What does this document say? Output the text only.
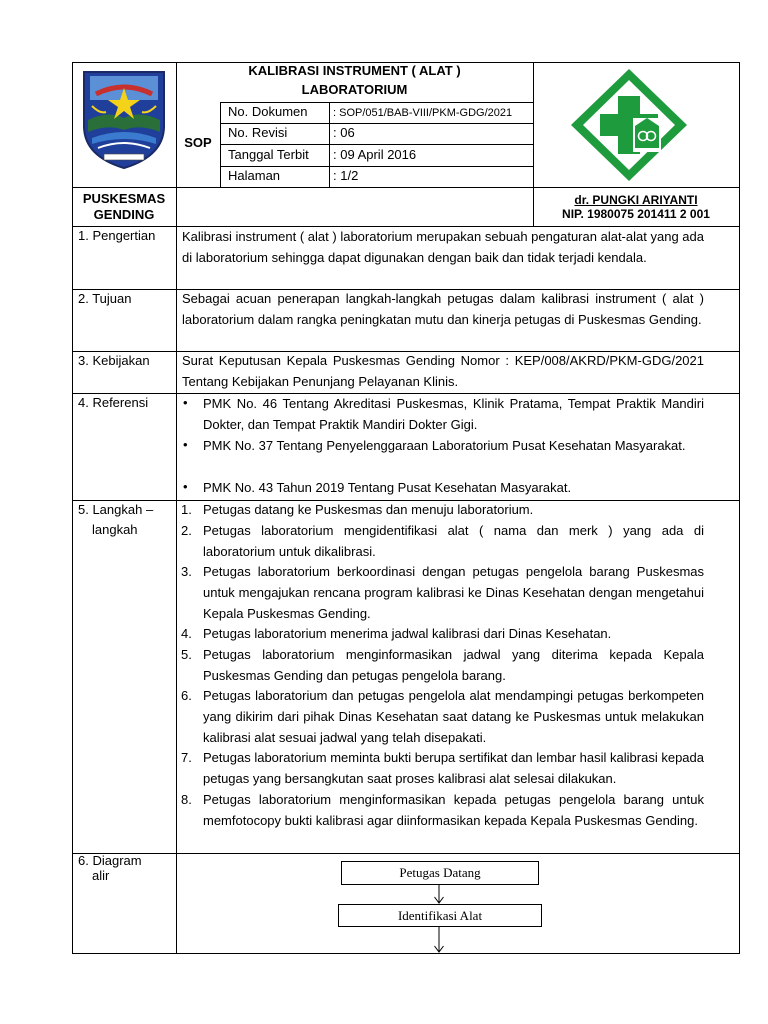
KALIBRASI INSTRUMENT ( ALAT )
LABORATORIUM
SOP
No. Dokumen : SOP/051/BAB-VIII/PKM-GDG/2021
No. Revisi	: 06
Tanggal Terbit : 09 April 2016
Halaman	: 1/2
PUSKESMAS
GENDING
dr. PUNGKI ARIYANTI
NIP. 1980075 201411 2 001
1. Pengertian Kalibrasi instrument ( alat ) laboratorium merupakan sebuah pengaturan alat-alat yang ada di laboratorium sehingga dapat digunakan dengan baik dan tidak terjadi kendala.
2. Tujuan	Sebagai acuan penerapan langkah-langkah petugas dalam kalibrasi instrument ( alat ) laboratorium dalam rangka peningkatan mutu dan kinerja petugas di Puskesmas Gending.
3. Kebijakan Surat Keputusan Kepala Puskesmas Gending Nomor : KEP/008/AKRD/PKM-GDG/2021 Tentang Kebijakan Penunjang Pelayanan Klinis.
4. Referensi	• PMK No. 46 Tentang Akreditasi Puskesmas, Klinik Pratama, Tempat Praktik Mandiri Dokter, dan Tempat Praktik Mandiri Dokter Gigi.
• PMK No. 37 Tentang Penyelenggaraan Laboratorium Pusat Kesehatan Masyarakat.
• PMK No. 43 Tahun 2019 Tentang Pusat Kesehatan Masyarakat.
5. Langkah –
langkah
1. Petugas datang ke Puskesmas dan menuju laboratorium.
2. Petugas laboratorium mengidentifikasi alat ( nama dan merk ) yang ada di laboratorium untuk dikalibrasi.
3. Petugas laboratorium berkoordinasi dengan petugas pengelola barang Puskesmas untuk mengajukan rencana program kalibrasi ke Dinas Kesehatan dengan mengetahui Kepala Puskesmas Gending.
4. Petugas laboratorium menerima jadwal kalibrasi dari Dinas Kesehatan.
5. Petugas laboratorium menginformasikan jadwal yang diterima kepada Kepala Puskesmas Gending dan petugas pengelola barang.
6. Petugas laboratorium dan petugas pengelola alat mendampingi petugas berkompeten yang dikirim dari pihak Dinas Kesehatan saat datang ke Puskesmas untuk melakukan kalibrasi alat sesuai jadwal yang telah disepakati.
7. Petugas laboratorium meminta bukti berupa sertifikat dan lembar hasil kalibrasi kepada petugas yang bersangkutan saat proses kalibrasi alat selesai dilakukan.
8. Petugas laboratorium menginformasikan kepada petugas pengelola barang untuk memfotocopy bukti kalibrasi agar diinformasikan kepada Kepala Puskesmas Gending.
6. Diagram
alir	Petugas Datang
Identifikasi Alat
